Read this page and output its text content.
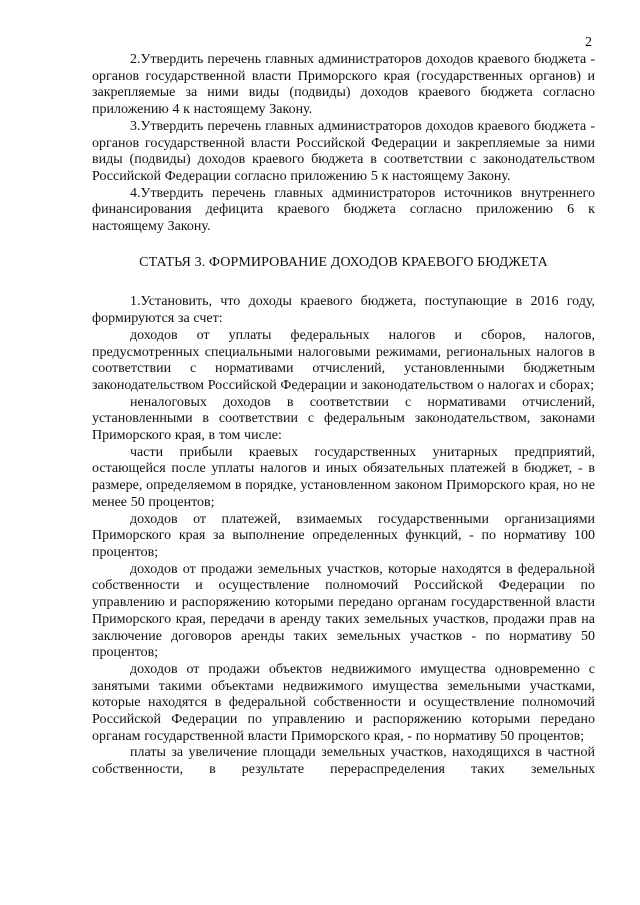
2

2.Утвердить перечень главных администраторов доходов краевого бюджета - органов государственной власти Приморского края (государственных органов) и закрепляемые за ними виды (подвиды) доходов краевого бюджета согласно приложению 4 к настоящему Закону.

3.Утвердить перечень главных администраторов доходов краевого бюджета - органов государственной власти Российской Федерации и закрепляемые за ними виды (подвиды) доходов краевого бюджета в соответствии с законодательством Российской Федерации согласно приложению 5 к настоящему Закону.

4.Утвердить перечень главных администраторов источников внутреннего финансирования дефицита краевого бюджета согласно приложению 6 к настоящему Закону.

СТАТЬЯ 3. ФОРМИРОВАНИЕ ДОХОДОВ КРАЕВОГО БЮДЖЕТА

1.Установить, что доходы краевого бюджета, поступающие в 2016 году, формируются за счет:

доходов от уплаты федеральных налогов и сборов, налогов, предусмотренных специальными налоговыми режимами, региональных налогов в соответствии с нормативами отчислений, установленными бюджетным законодательством Российской Федерации и законодательством о налогах и сборах;

неналоговых доходов в соответствии с нормативами отчислений, установленными в соответствии с федеральным законодательством, законами Приморского края, в том числе:

части прибыли краевых государственных унитарных предприятий, остающейся после уплаты налогов и иных обязательных платежей в бюджет, - в размере, определяемом в порядке, установленном законом Приморского края, но не менее 50 процентов;

доходов от платежей, взимаемых государственными организациями Приморского края за выполнение определенных функций, - по нормативу 100 процентов;

доходов от продажи земельных участков, которые находятся в федеральной собственности и осуществление полномочий Российской Федерации по управлению и распоряжению которыми передано органам государственной власти Приморского края, передачи в аренду таких земельных участков, продажи прав на заключение договоров аренды таких земельных участков - по нормативу 50 процентов;

доходов от продажи объектов недвижимого имущества одновременно с занятыми такими объектами недвижимого имущества земельными участками, которые находятся в федеральной собственности и осуществление полномочий Российской Федерации по управлению и распоряжению которыми передано органам государственной власти Приморского края, - по нормативу 50 процентов;

платы за увеличение площади земельных участков, находящихся в частной собственности, в результате перераспределения таких земельных
